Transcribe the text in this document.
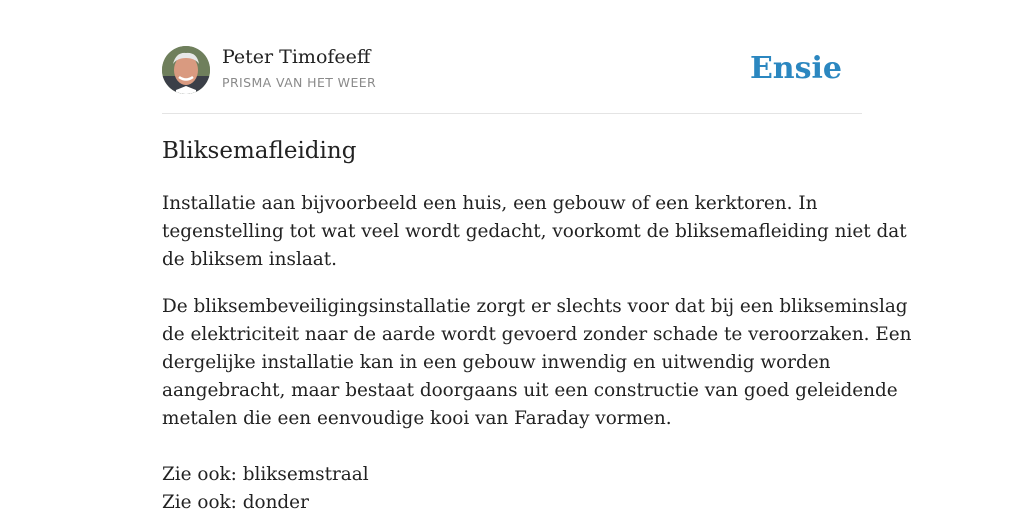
Peter Timofeeff
PRISMA VAN HET WEER	Ensie
Bliksemafleiding

Installatie aan bijvoorbeeld een huis, een gebouw of een kerktoren. In
tegenstelling tot wat veel wordt gedacht, voorkomt de bliksemafleiding niet dat
de bliksem inslaat.

De bliksembeveiligingsinstallatie zorgt er slechts voor dat bij een blikseminslag
de elektriciteit naar de aarde wordt gevoerd zonder schade te veroorzaken. Een
dergelijke installatie kan in een gebouw inwendig en uitwendig worden
aangebracht, maar bestaat doorgaans uit een constructie van goed geleidende
metalen die een eenvoudige kooi van Faraday vormen.

Zie ook: bliksemstraal
Zie ook: donder
